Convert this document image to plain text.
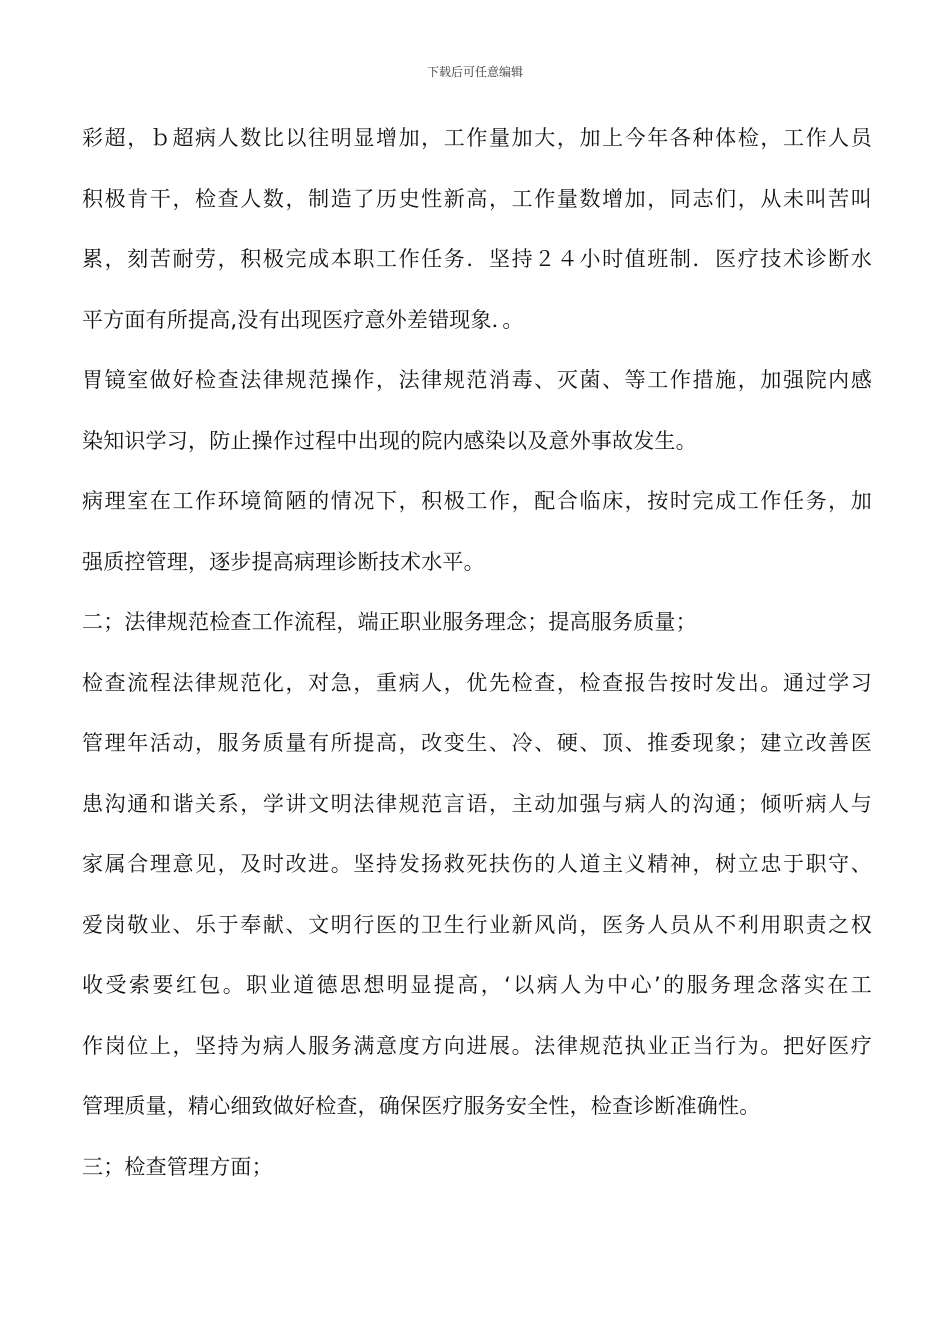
下载后可任意编辑
彩超，ｂ超病人数比以往明显增加，工作量加大，加上今年各种体检，工作人员
积极肯干，检查人数，制造了历史性新高，工作量数增加，同志们，从未叫苦叫
累，刻苦耐劳，积极完成本职工作任务．坚持２４小时值班制．医疗技术诊断水
平方面有所提高,没有出现医疗意外差错现象．。
胃镜室做好检查法律规范操作，法律规范消毒、灭菌、等工作措施，加强院内感
染知识学习，防止操作过程中出现的院内感染以及意外事故发生。
病理室在工作环境简陋的情况下，积极工作，配合临床，按时完成工作任务，加
强质控管理，逐步提高病理诊断技术水平。
二；法律规范检查工作流程，端正职业服务理念；提高服务质量；
检查流程法律规范化，对急，重病人，优先检查，检查报告按时发出。通过学习
管理年活动，服务质量有所提高，改变生、冷、硬、顶、推委现象；建立改善医
患沟通和谐关系，学讲文明法律规范言语，主动加强与病人的沟通；倾听病人与
家属合理意见，及时改进。坚持发扬救死扶伤的人道主义精神，树立忠于职守、
爱岗敬业、乐于奉献、文明行医的卫生行业新风尚，医务人员从不利用职责之权
收受索要红包。职业道德思想明显提高，‘以病人为中心’的服务理念落实在工
作岗位上，坚持为病人服务满意度方向进展。法律规范执业正当行为。把好医疗
管理质量，精心细致做好检查，确保医疗服务安全性，检查诊断准确性。
三；检查管理方面；
